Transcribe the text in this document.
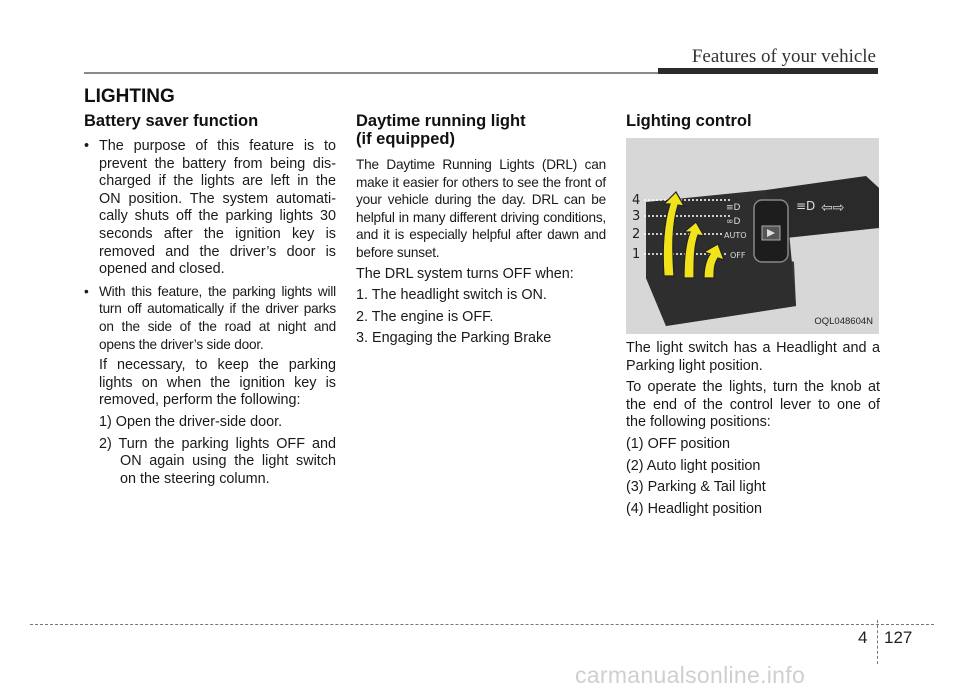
Features of your vehicle
LIGHTING
Battery saver function
• The purpose of this feature is to prevent the battery from being dis- charged if the lights are left in the ON position. The system automati- cally shuts off the parking lights 30 seconds after the ignition key is removed and the driver’s door is opened and closed.
• With this feature, the parking lights will turn off automatically if the driver parks on the side of the road at night and opens the driver’s side door.

If necessary, to keep the parking lights on when the ignition key is removed, perform the following:

1) Open the driver-side door.

2) Turn the parking lights OFF and ON again using the light switch on the steering column.

Daytime running light
(if equipped)

The Daytime Running Lights (DRL) can make it easier for others to see the front of your vehicle during the day. DRL can be helpful in many different driving conditions, and it is especially helpful after dawn and before sunset.

The DRL system turns OFF when:

1. The headlight switch is ON.

2. The engine is OFF.

3. Engaging the Parking Brake

Lighting control
≡D
∞D
AUTO
OFF
≡D ⇦⇨
4
3
2
1
OQL048604N

The light switch has a Headlight and a Parking light position.

To operate the lights, turn the knob at the end of the control lever to one of the following positions:

(1) OFF position

(2) Auto light position

(3) Parking & Tail light

(4) Headlight position

4 127
carmanualsonline.info
